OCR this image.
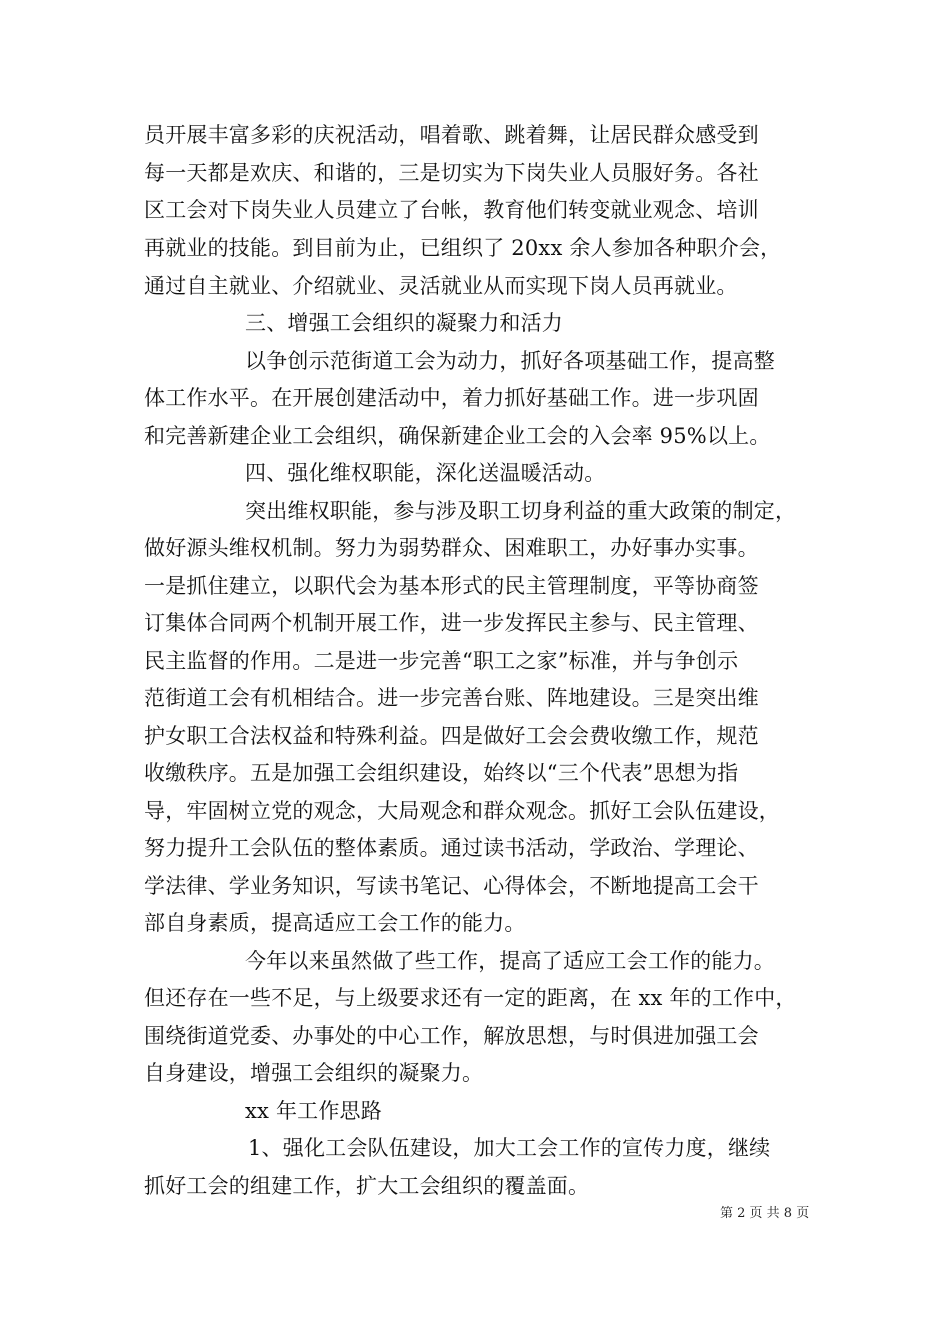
员开展丰富多彩的庆祝活动，唱着歌、跳着舞，让居民群众感受到
每一天都是欢庆、和谐的，三是切实为下岗失业人员服好务。各社
区工会对下岗失业人员建立了台帐，教育他们转变就业观念、培训
再就业的技能。到目前为止，已组织了 20xx 余人参加各种职介会，
通过自主就业、介绍就业、灵活就业从而实现下岗人员再就业。
三、增强工会组织的凝聚力和活力
以争创示范街道工会为动力，抓好各项基础工作，提高整
体工作水平。在开展创建活动中，着力抓好基础工作。进一步巩固
和完善新建企业工会组织，确保新建企业工会的入会率 95%以上。
四、强化维权职能，深化送温暖活动。
突出维权职能，参与涉及职工切身利益的重大政策的制定，
做好源头维权机制。努力为弱势群众、困难职工，办好事办实事。
一是抓住建立，以职代会为基本形式的民主管理制度，平等协商签
订集体合同两个机制开展工作，进一步发挥民主参与、民主管理、
民主监督的作用。二是进一步完善“职工之家”标准，并与争创示
范街道工会有机相结合。进一步完善台账、阵地建设。三是突出维
护女职工合法权益和特殊利益。四是做好工会会费收缴工作，规范
收缴秩序。五是加强工会组织建设，始终以“三个代表”思想为指
导，牢固树立党的观念，大局观念和群众观念。抓好工会队伍建设，
努力提升工会队伍的整体素质。通过读书活动，学政治、学理论、
学法律、学业务知识，写读书笔记、心得体会，不断地提高工会干
部自身素质，提高适应工会工作的能力。
今年以来虽然做了些工作，提高了适应工会工作的能力。
但还存在一些不足，与上级要求还有一定的距离，在 xx 年的工作中，
围绕街道党委、办事处的中心工作，解放思想，与时俱进加强工会
自身建设，增强工会组织的凝聚力。
xx 年工作思路
1、强化工会队伍建设，加大工会工作的宣传力度，继续
抓好工会的组建工作，扩大工会组织的覆盖面。
第 2 页 共 8 页
